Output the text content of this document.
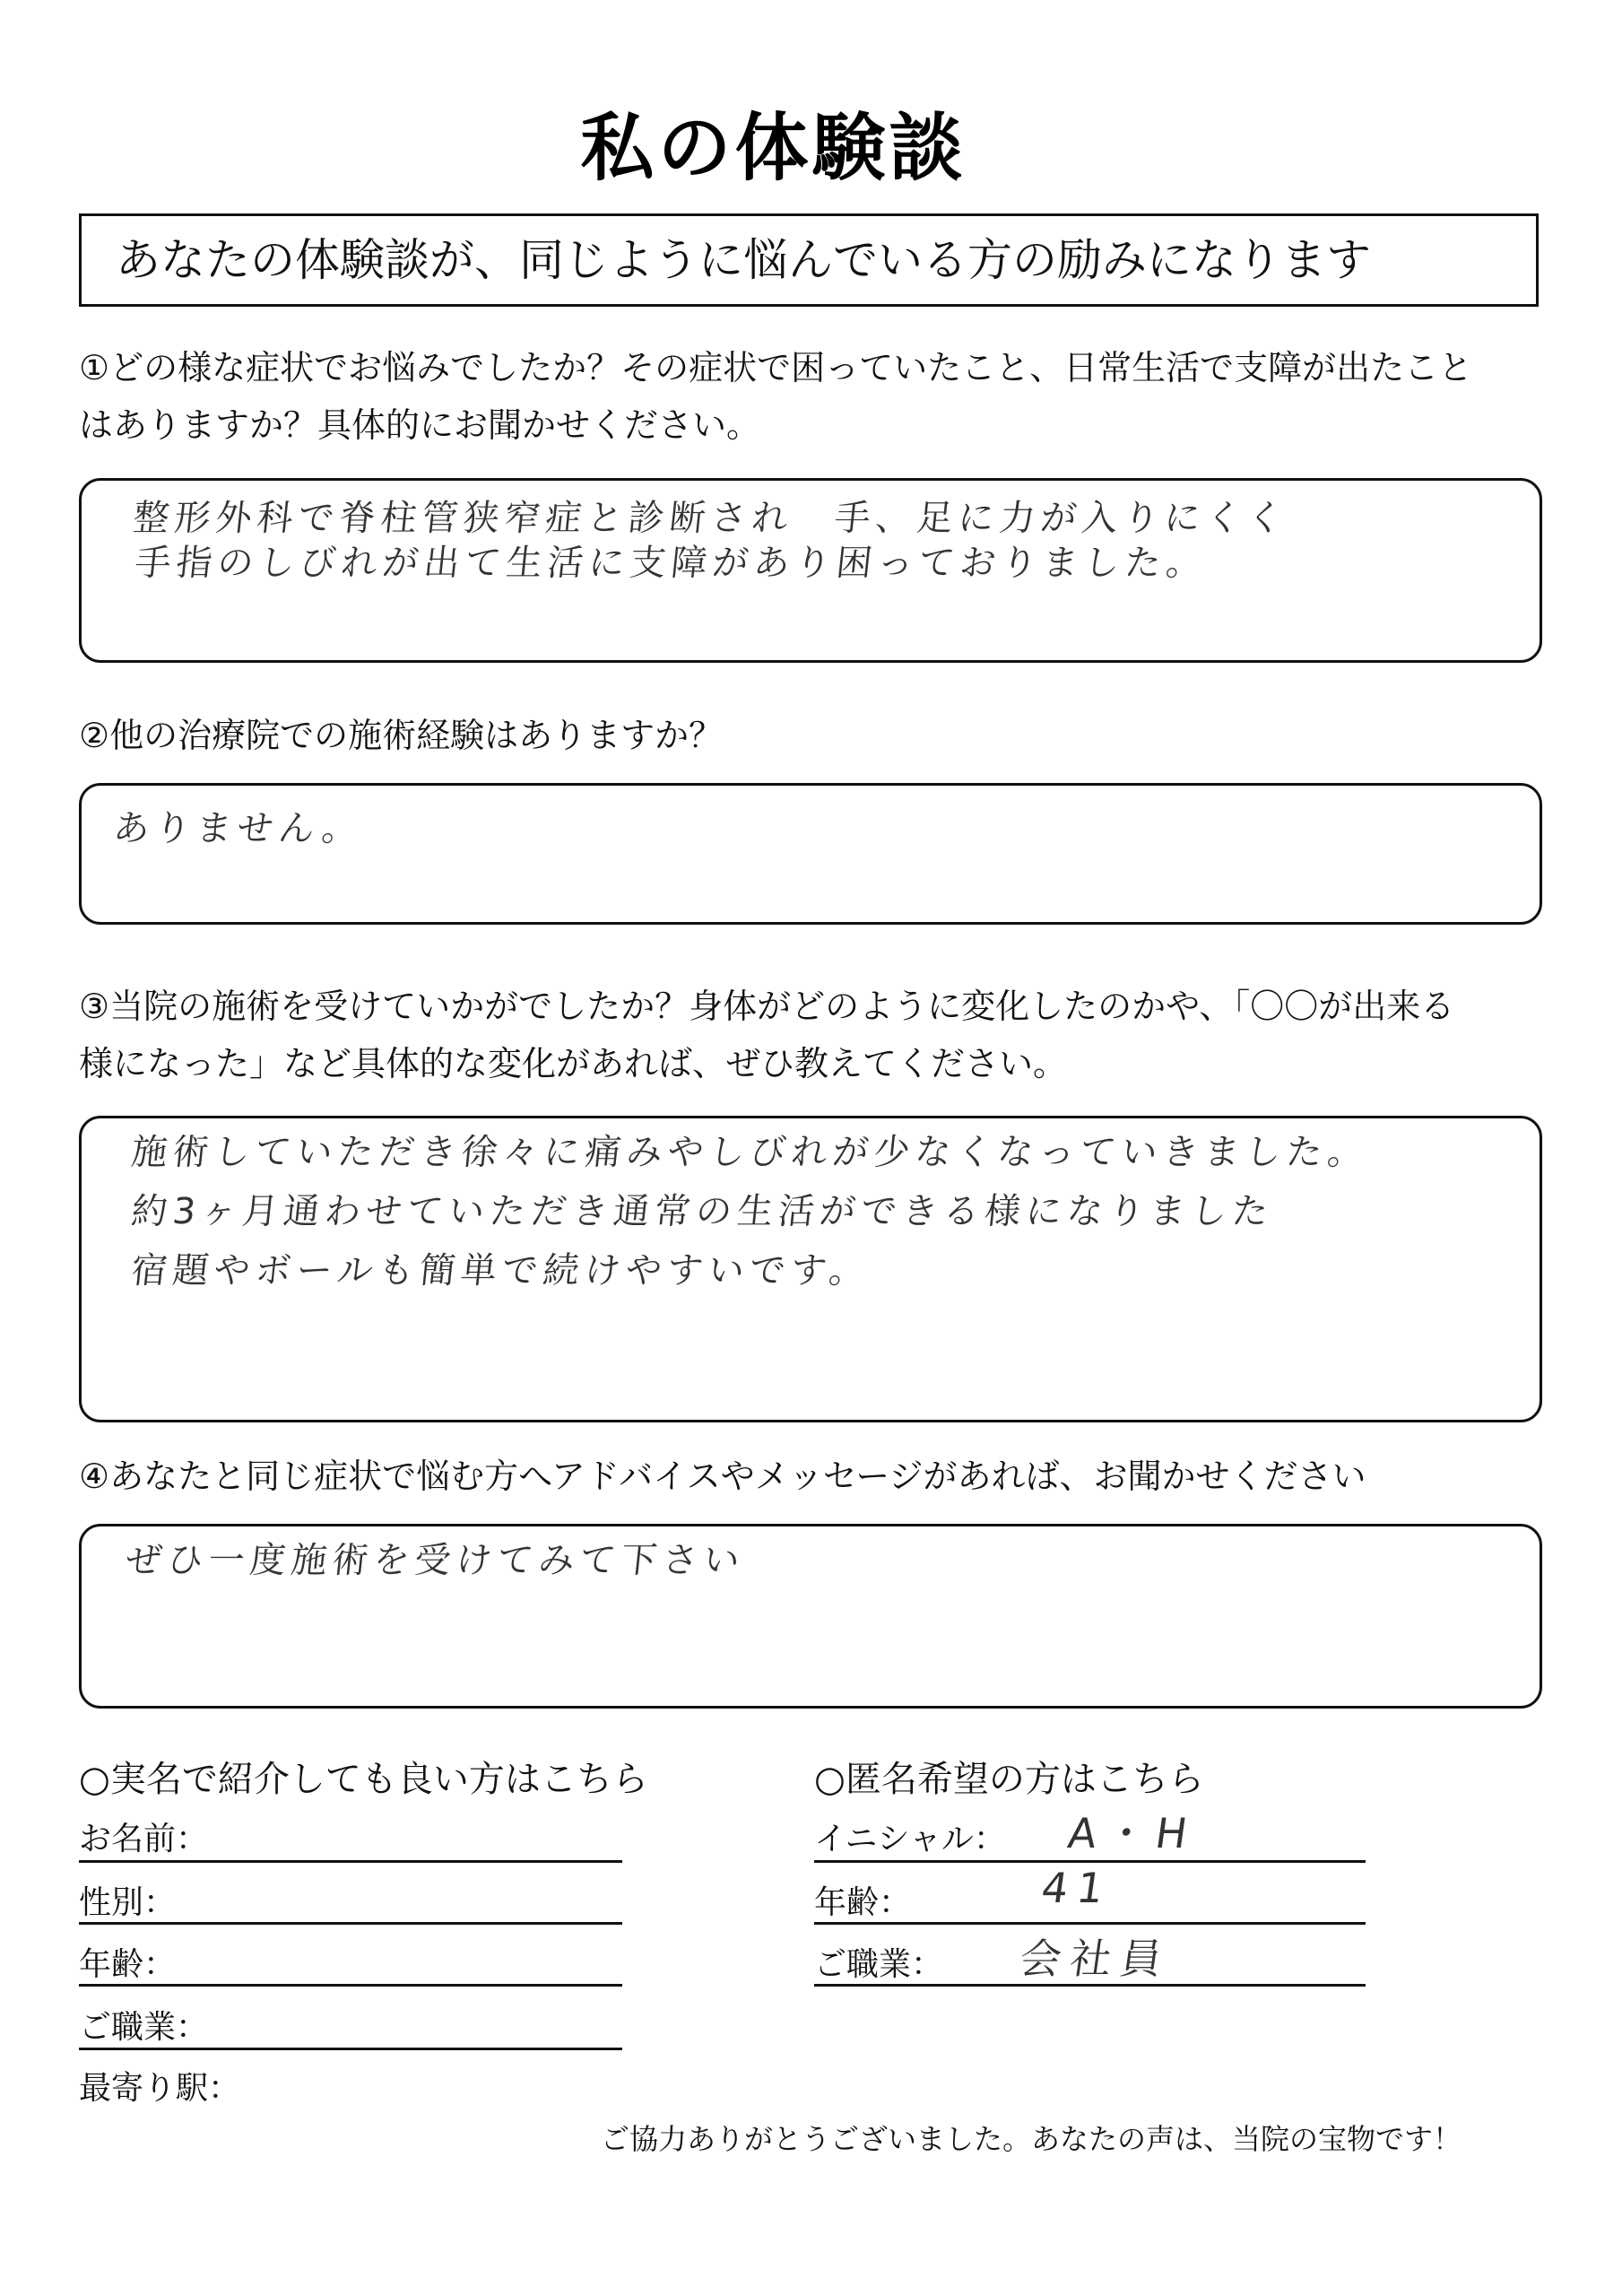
私の体験談
あなたの体験談が、同じように悩んでいる方の励みになります
①どの様な症状でお悩みでしたか？その症状で困っていたこと、日常生活で支障が出たこと
はありますか？具体的にお聞かせください。
整形外科で脊柱管狭窄症と診断され　手、足に力が入りにくく
手指のしびれが出て生活に支障があり困っておりました。
②他の治療院での施術経験はありますか？
ありません。
③当院の施術を受けていかがでしたか？身体がどのように変化したのかや、「〇〇が出来る
様になった」など具体的な変化があれば、ぜひ教えてください。
施術していただき徐々に痛みやしびれが少なくなっていきました。
約3ヶ月通わせていただき通常の生活ができる様になりました
宿題やボールも簡単で続けやすいです。
④あなたと同じ症状で悩む方へアドバイスやメッセージがあれば、お聞かせください
ぜひ一度施術を受けてみて下さい
○実名で紹介しても良い方はこちら
お名前：
性別：
年齢：
ご職業：
最寄り駅：
○匿名希望の方はこちら
イニシャル： A・H
年齢：	41
ご職業： 会社員
ご協力ありがとうございました。あなたの声は、当院の宝物です！
